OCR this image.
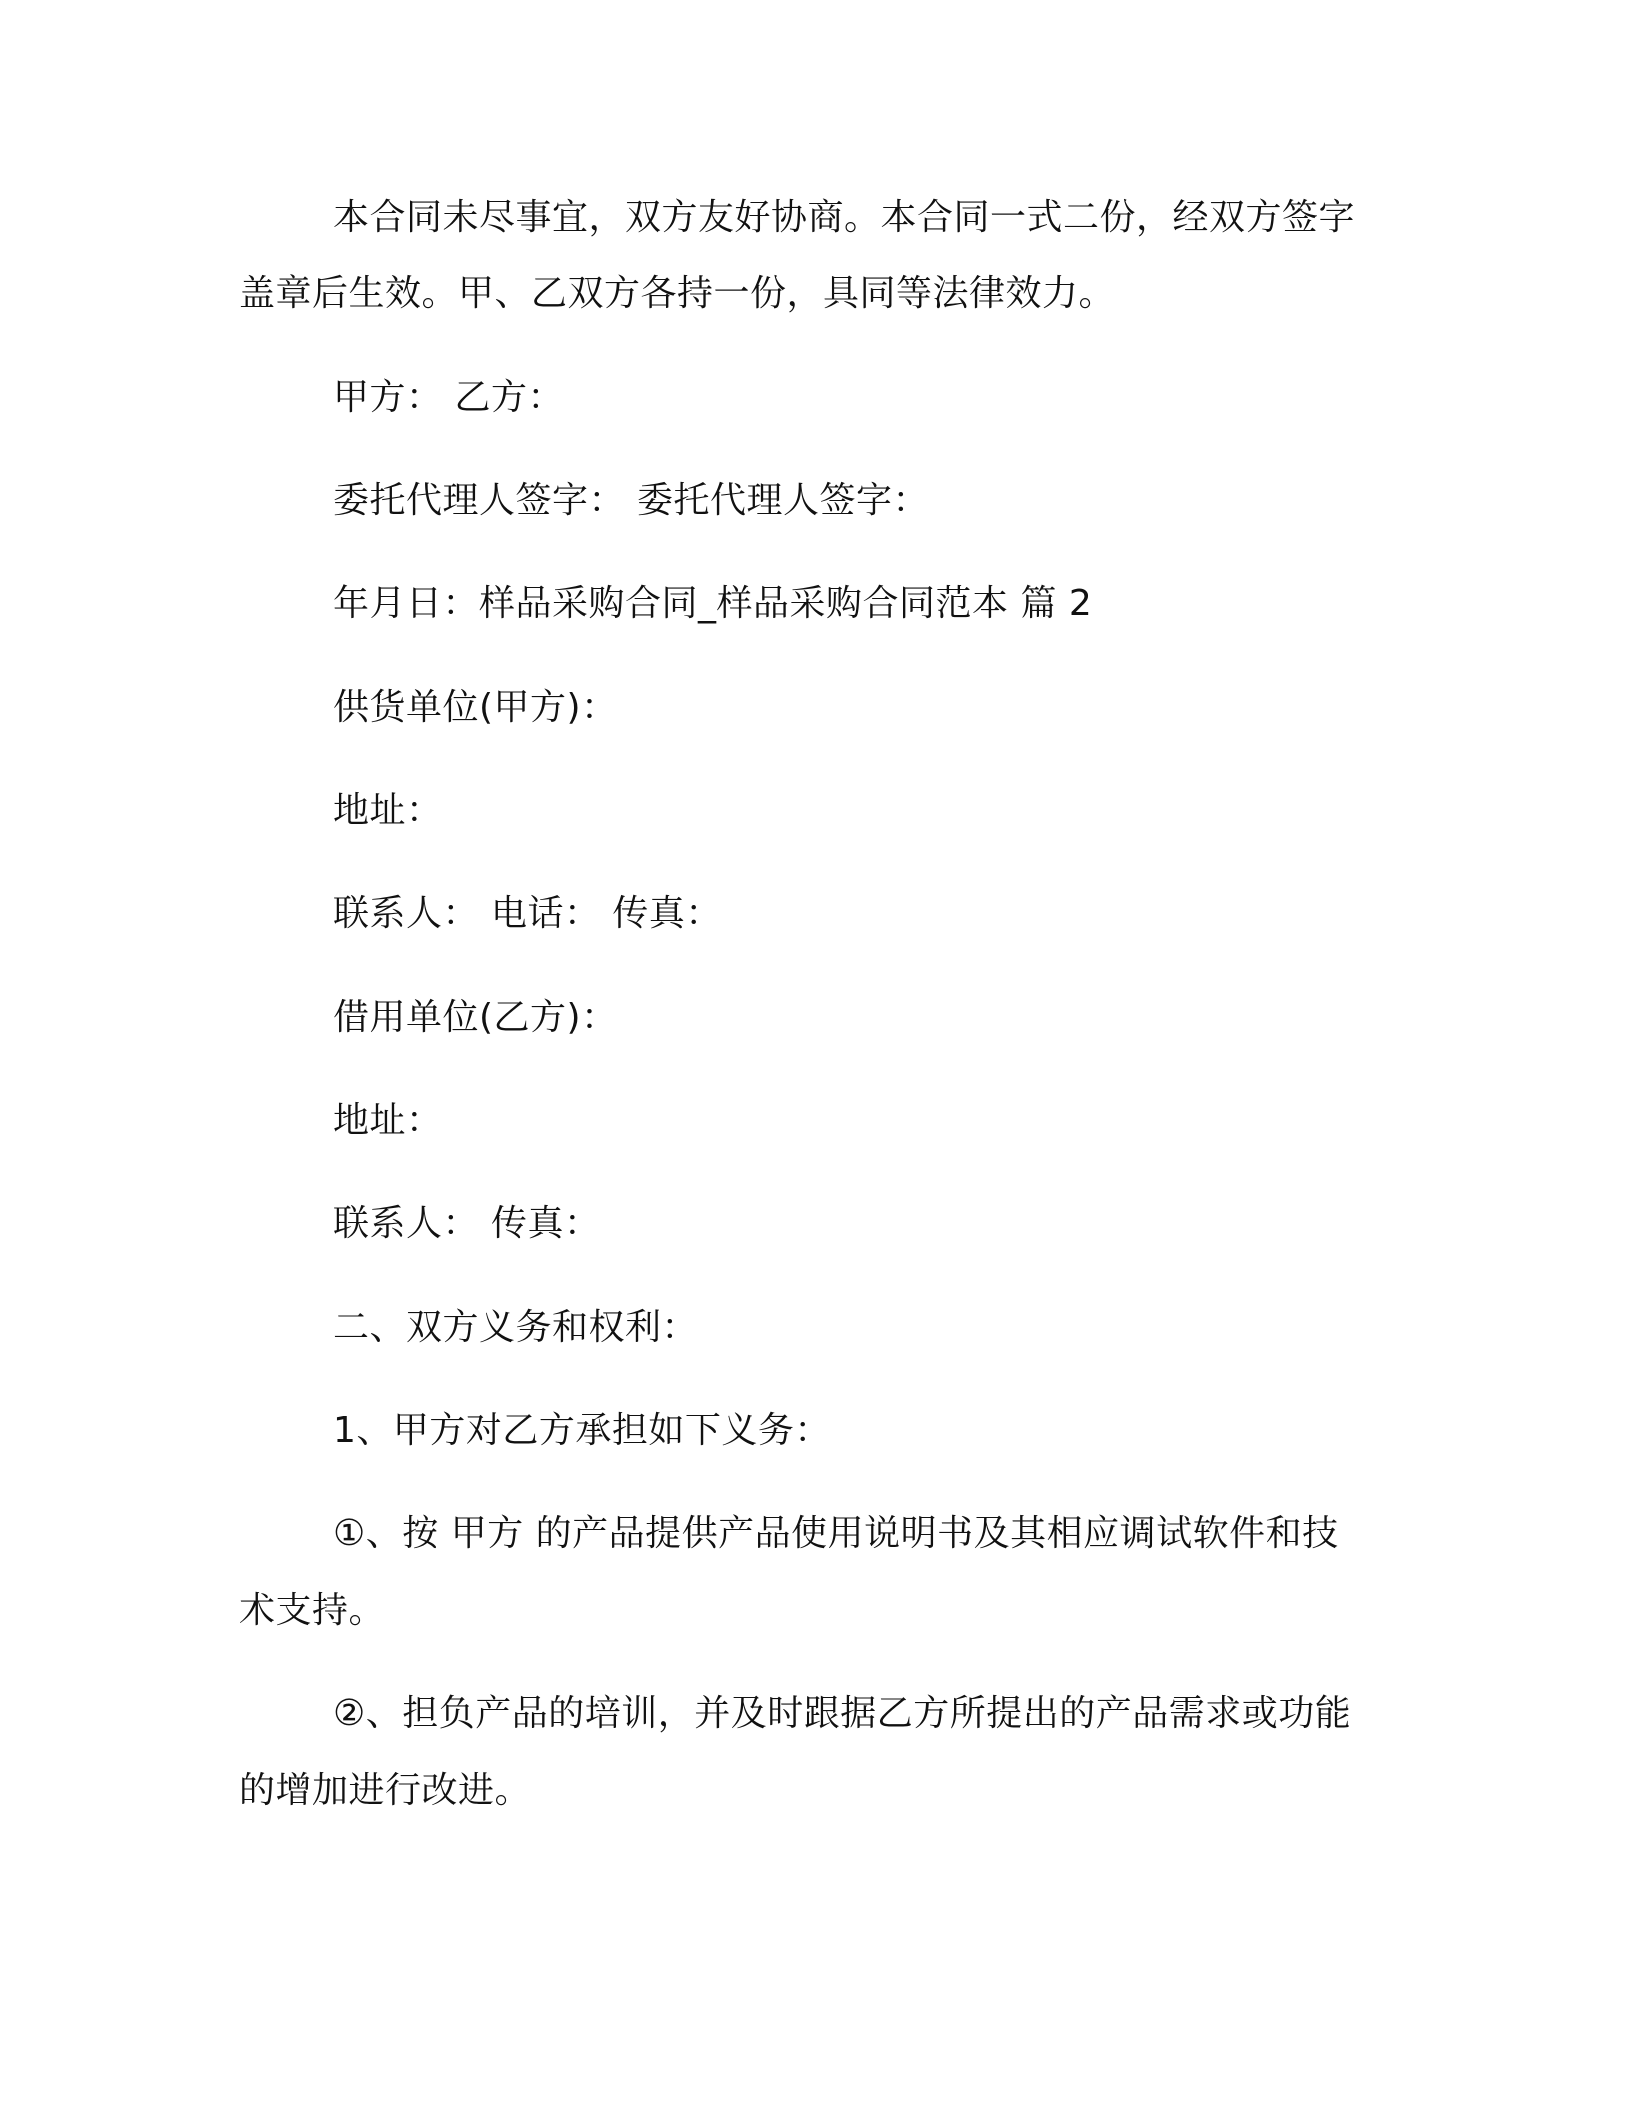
本合同未尽事宜，双方友好协商。本合同一式二份，经双方签字
盖章后生效。甲、乙双方各持一份，具同等法律效力。
甲方： 乙方：
委托代理人签字： 委托代理人签字：
年月日：样品采购合同_样品采购合同范本 篇 2
供货单位(甲方)：
地址：
联系人： 电话： 传真：
借用单位(乙方)：
地址：
联系人： 传真：
二、双方义务和权利：
1、甲方对乙方承担如下义务：
①、按 甲方 的产品提供产品使用说明书及其相应调试软件和技
术支持。
②、担负产品的培训，并及时跟据乙方所提出的产品需求或功能
的增加进行改进。
